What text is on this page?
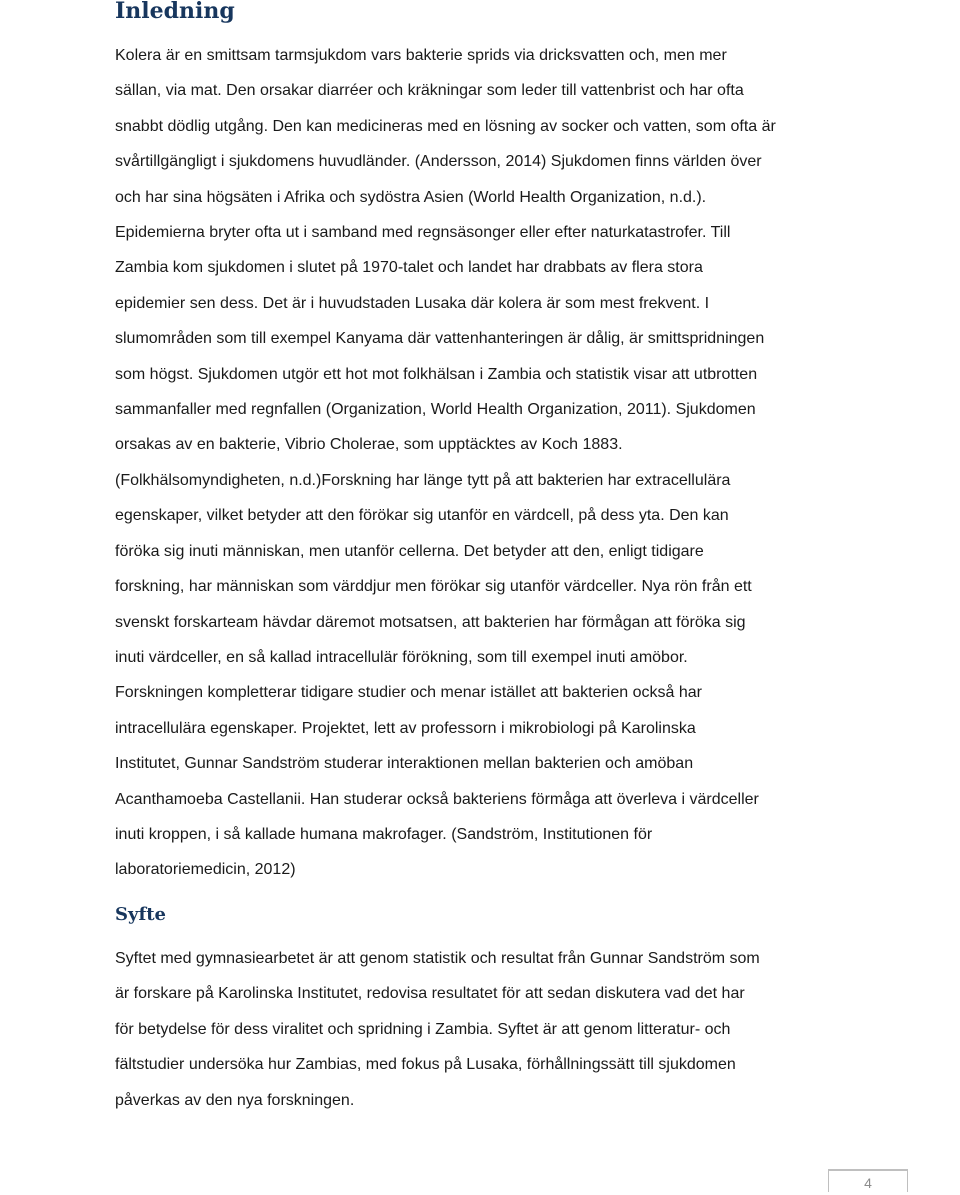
Inledning

Kolera är en smittsam tarmsjukdom vars bakterie sprids via dricksvatten och, men mer
sällan, via mat. Den orsakar diarréer och kräkningar som leder till vattenbrist och har ofta
snabbt dödlig utgång. Den kan medicineras med en lösning av socker och vatten, som ofta är
svårtillgängligt i sjukdomens huvudländer. (Andersson, 2014) Sjukdomen finns världen över
och har sina högsäten i Afrika och sydöstra Asien (World Health Organization, n.d.).
Epidemierna bryter ofta ut i samband med regnsäsonger eller efter naturkatastrofer. Till
Zambia kom sjukdomen i slutet på 1970-talet och landet har drabbats av flera stora
epidemier sen dess. Det är i huvudstaden Lusaka där kolera är som mest frekvent. I
slumområden som till exempel Kanyama där vattenhanteringen är dålig, är smittspridningen
som högst. Sjukdomen utgör ett hot mot folkhälsan i Zambia och statistik visar att utbrotten
sammanfaller med regnfallen (Organization, World Health Organization, 2011). Sjukdomen
orsakas av en bakterie, Vibrio Cholerae, som upptäcktes av Koch 1883.
(Folkhälsomyndigheten, n.d.)Forskning har länge tytt på att bakterien har extracellulära
egenskaper, vilket betyder att den förökar sig utanför en värdcell, på dess yta. Den kan
föröka sig inuti människan, men utanför cellerna. Det betyder att den, enligt tidigare
forskning, har människan som värddjur men förökar sig utanför värdceller. Nya rön från ett
svenskt forskarteam hävdar däremot motsatsen, att bakterien har förmågan att föröka sig
inuti värdceller, en så kallad intracellulär förökning, som till exempel inuti amöbor.
Forskningen kompletterar tidigare studier och menar istället att bakterien också har
intracellulära egenskaper. Projektet, lett av professorn i mikrobiologi på Karolinska
Institutet, Gunnar Sandström studerar interaktionen mellan bakterien och amöban
Acanthamoeba Castellanii. Han studerar också bakteriens förmåga att överleva i värdceller
inuti kroppen, i så kallade humana makrofager. (Sandström, Institutionen för
laboratoriemedicin, 2012)

Syfte

Syftet med gymnasiearbetet är att genom statistik och resultat från Gunnar Sandström som
är forskare på Karolinska Institutet, redovisa resultatet för att sedan diskutera vad det har
för betydelse för dess viralitet och spridning i Zambia. Syftet är att genom litteratur- och
fältstudier undersöka hur Zambias, med fokus på Lusaka, förhållningssätt till sjukdomen
påverkas av den nya forskningen.

4
